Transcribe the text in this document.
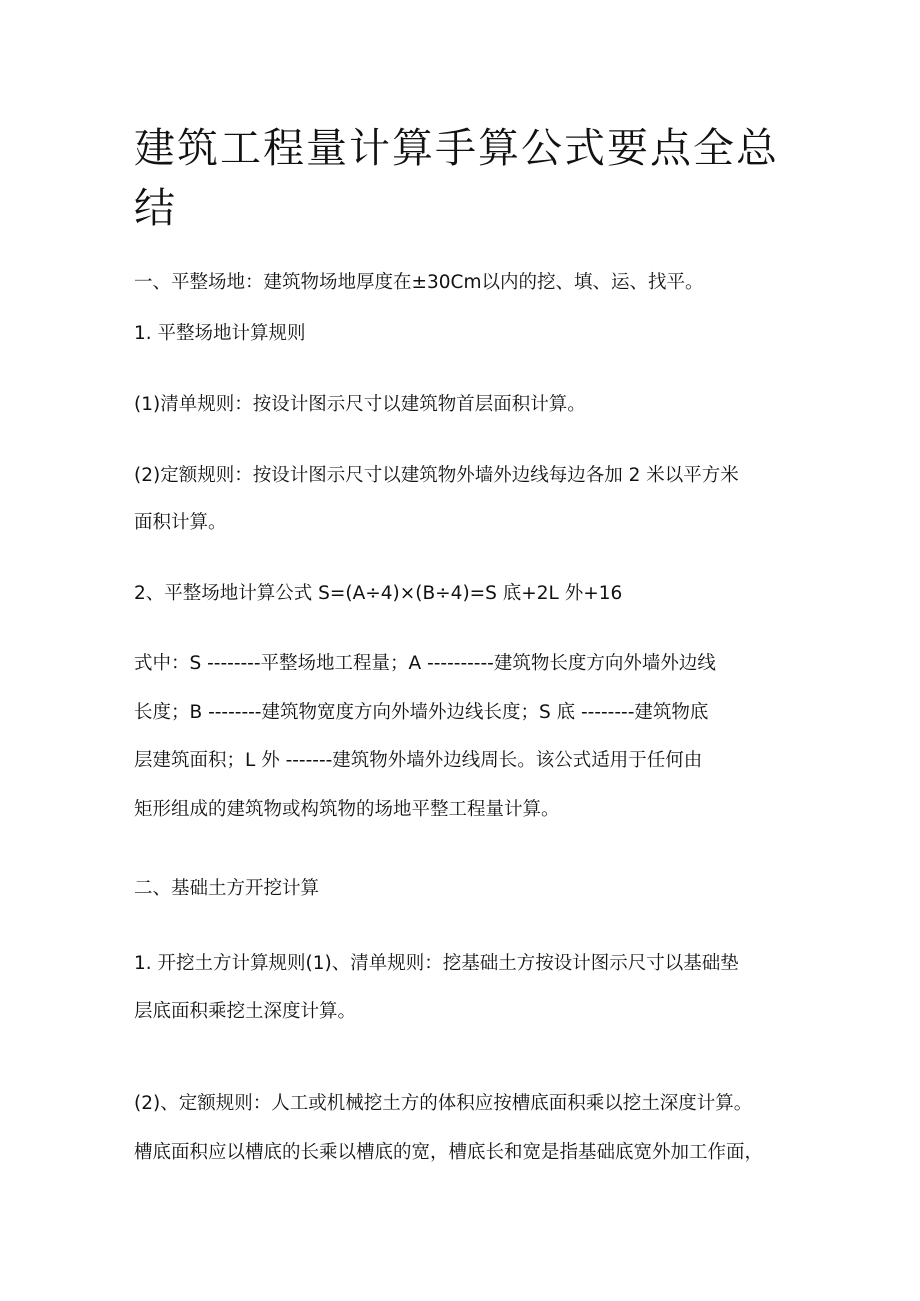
建筑工程量计算手算公式要点全总
结

一、平整场地：建筑物场地厚度在±30Cm以内的挖、填、运、找平。

1. 平整场地计算规则

(1)清单规则：按设计图示尺寸以建筑物首层面积计算。

(2)定额规则：按设计图示尺寸以建筑物外墙外边线每边各加 2 米以平方米

面积计算。

2、平整场地计算公式 S=(A÷4)×(B÷4)=S 底+2L 外+16

式中：S --------平整场地工程量；A ----------建筑物长度方向外墙外边线

长度；B --------建筑物宽度方向外墙外边线长度；S 底 --------建筑物底

层建筑面积；L 外 -------建筑物外墙外边线周长。该公式适用于任何由

矩形组成的建筑物或构筑物的场地平整工程量计算。

二、基础土方开挖计算

1. 开挖土方计算规则(1)、清单规则：挖基础土方按设计图示尺寸以基础垫

层底面积乘挖土深度计算。

(2)、定额规则：人工或机械挖土方的体积应按槽底面积乘以挖土深度计算。

槽底面积应以槽底的长乘以槽底的宽，槽底长和宽是指基础底宽外加工作面，
